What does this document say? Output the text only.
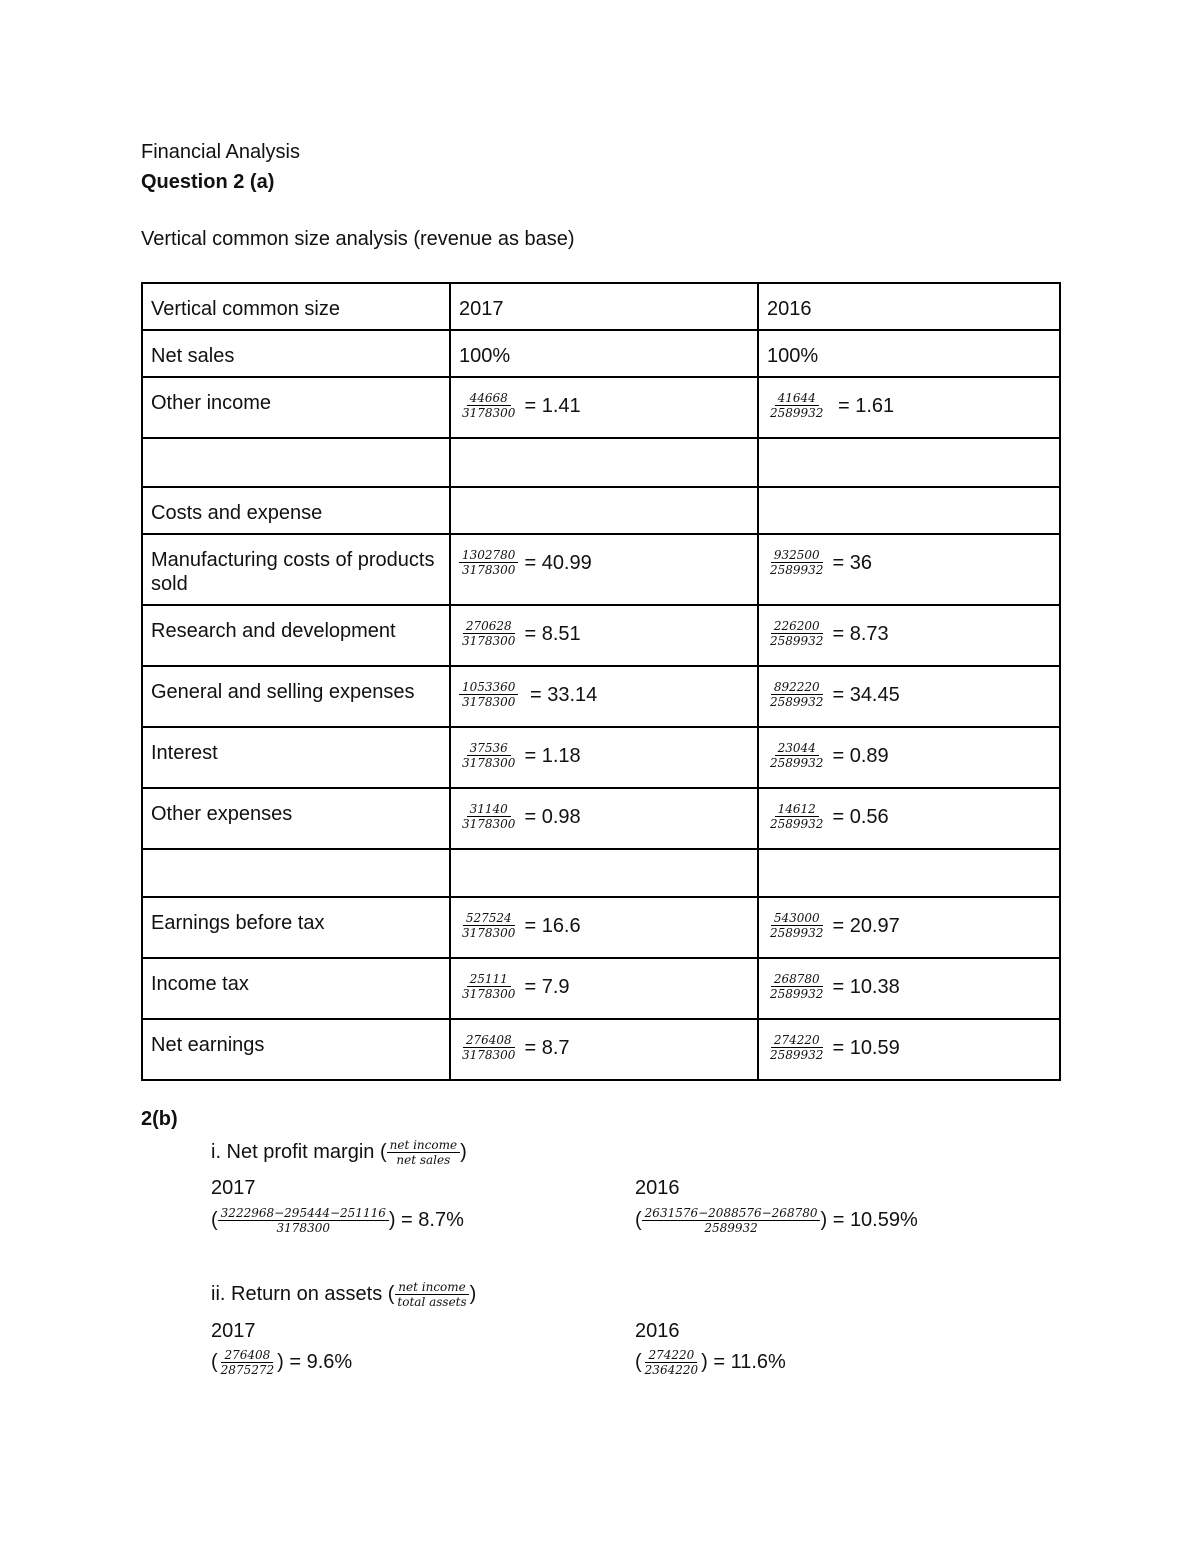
Financial Analysis
Question 2 (a)
Vertical common size analysis (revenue as base)
Vertical common size	2017	2016

Net sales	100%	100%

Other income	$\frac{44668}{3178300} = 1.41$	$\frac{41644}{2589932} = 1.61$

Costs and expense		

Manufacturing costs of products sold	$\frac{1302780}{3178300} = 40.99$	$\frac{932500}{2589932} = 36$

Research and development	$\frac{270628}{3178300} = 8.51$	$\frac{226200}{2589932} = 8.73$

General and selling expenses	$\frac{1053360}{3178300} = 33.14$	$\frac{892220}{2589932} = 34.45$

Interest	$\frac{37536}{3178300} = 1.18$	$\frac{23044}{2589932} = 0.89$

Other expenses	$\frac{31140}{3178300} = 0.98$	$\frac{14612}{2589932} = 0.56$

Earnings before tax	$\frac{527524}{3178300} = 16.6$	$\frac{543000}{2589932} = 20.97$

Income tax	$\frac{25111}{3178300} = 7.9$	$\frac{268780}{2589932} = 10.38$

Net earnings	$\frac{276408}{3178300} = 8.7$	$\frac{274220}{2589932} = 10.59$
2(b)
i. Net profit margin ( $\frac{\text{net income}}{\text{net sales}}$ )
2017	2016
( $\frac{3222968-295444-251116}{3178300}$ ) = 8.7%	( $\frac{2631576-2088576-268780}{2589932}$ ) = 10.59%
ii. Return on assets ( $\frac{\text{net income}}{\text{total assets}}$ )
2017	2016
( $\frac{276408}{2875272}$ ) = 9.6%	( $\frac{274220}{2364220}$ ) = 11.6%
